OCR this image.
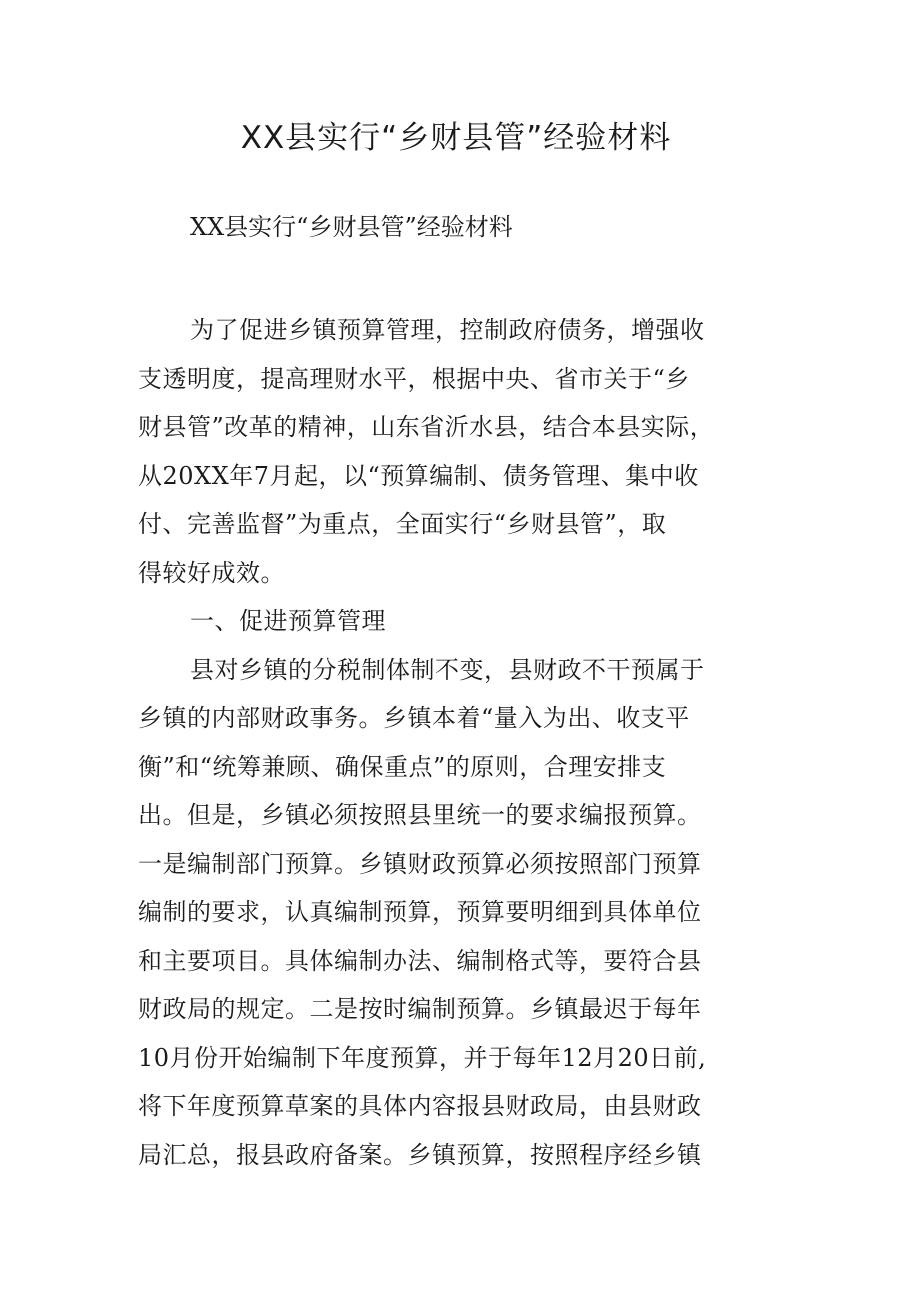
XX县实行“乡财县管”经验材料
XX县实行“乡财县管”经验材料
为了促进乡镇预算管理，控制政府债务，增强收
支透明度，提高理财水平，根据中央、省市关于“乡
财县管”改革的精神，山东省沂水县，结合本县实际，
从20XX年7月起，以“预算编制、债务管理、集中收
付、完善监督”为重点，全面实行“乡财县管”，取
得较好成效。
一、促进预算管理
县对乡镇的分税制体制不变，县财政不干预属于
乡镇的内部财政事务。乡镇本着“量入为出、收支平
衡”和“统筹兼顾、确保重点”的原则，合理安排支
出。但是，乡镇必须按照县里统一的要求编报预算。
一是编制部门预算。乡镇财政预算必须按照部门预算
编制的要求，认真编制预算，预算要明细到具体单位
和主要项目。具体编制办法、编制格式等，要符合县
财政局的规定。二是按时编制预算。乡镇最迟于每年
10月份开始编制下年度预算，并于每年12月20日前,
将下年度预算草案的具体内容报县财政局，由县财政
局汇总，报县政府备案。乡镇预算，按照程序经乡镇
